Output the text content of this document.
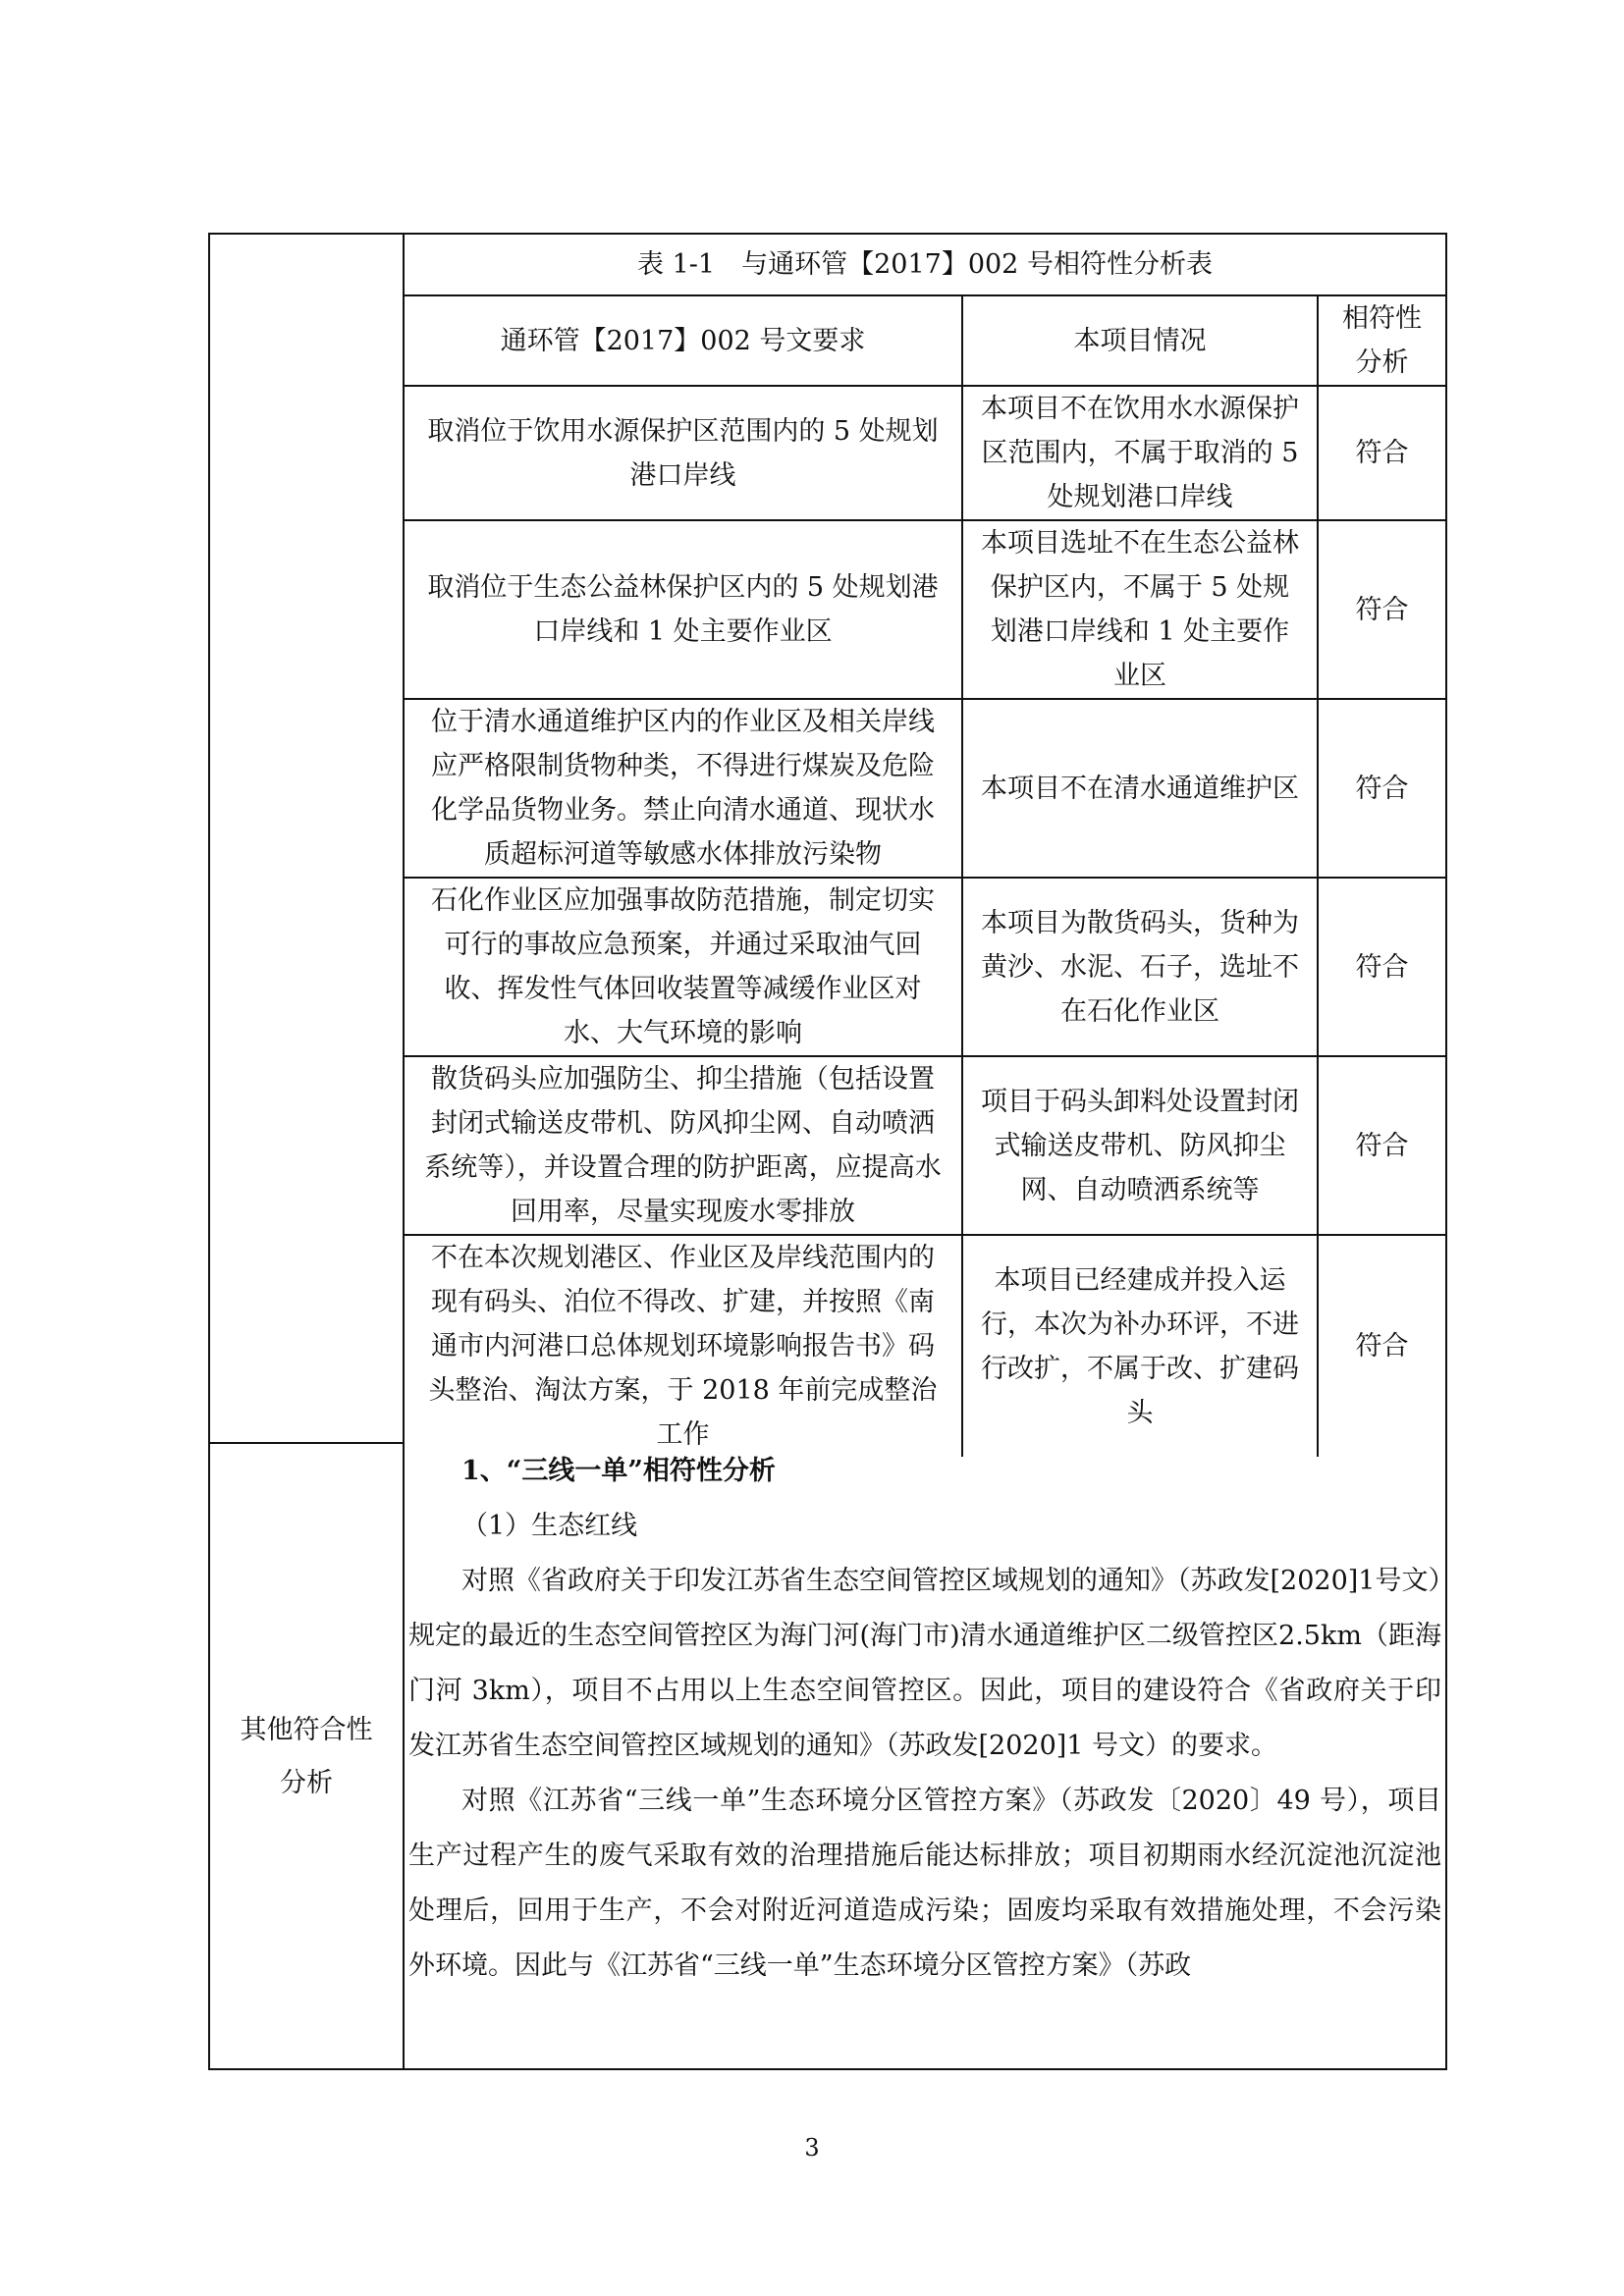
表 1-1　与通环管【2017】002 号相符性分析表		
通环管【2017】002 号文要求	本项目情况	相符性分析
取消位于饮用水源保护区范围内的 5 处规划港口岸线	本项目不在饮用水水源保护区范围内，不属于取消的 5 处规划港口岸线	符合
取消位于生态公益林保护区内的 5 处规划港口岸线和 1 处主要作业区	本项目选址不在生态公益林保护区内，不属于 5 处规划港口岸线和 1 处主要作业区	符合
位于清水通道维护区内的作业区及相关岸线应严格限制货物种类，不得进行煤炭及危险化学品货物业务。禁止向清水通道、现状水质超标河道等敏感水体排放污染物	本项目不在清水通道维护区	符合
石化作业区应加强事故防范措施，制定切实可行的事故应急预案，并通过采取油气回收、挥发性气体回收装置等减缓作业区对水、大气环境的影响	本项目为散货码头，货种为黄沙、水泥、石子，选址不在石化作业区	符合
散货码头应加强防尘、抑尘措施（包括设置封闭式输送皮带机、防风抑尘网、自动喷洒系统等），并设置合理的防护距离，应提高水回用率，尽量实现废水零排放	项目于码头卸料处设置封闭式输送皮带机、防风抑尘网、自动喷洒系统等	符合
不在本次规划港区、作业区及岸线范围内的现有码头、泊位不得改、扩建，并按照《南通市内河港口总体规划环境影响报告书》码头整治、淘汰方案，于 2018 年前完成整治工作	本项目已经建成并投入运行，本次为补办环评，不进行改扩，不属于改、扩建码头	符合
其他符合性分析

1、“三线一单”相符性分析

（1）生态红线

对照《省政府关于印发江苏省生态空间管控区域规划的通知》（苏政发[2020]1号文）规定的最近的生态空间管控区为海门河(海门市)清水通道维护区二级管控区2.5km（距海门河 3km），项目不占用以上生态空间管控区。因此，项目的建设符合《省政府关于印发江苏省生态空间管控区域规划的通知》（苏政发[2020]1 号文）的要求。

对照《江苏省“三线一单”生态环境分区管控方案》（苏政发〔2020〕49 号），项目生产过程产生的废气采取有效的治理措施后能达标排放；项目初期雨水经沉淀池沉淀池处理后，回用于生产，不会对附近河道造成污染；固废均采取有效措施处理，不会污染外环境。因此与《江苏省“三线一单”生态环境分区管控方案》（苏政

3
